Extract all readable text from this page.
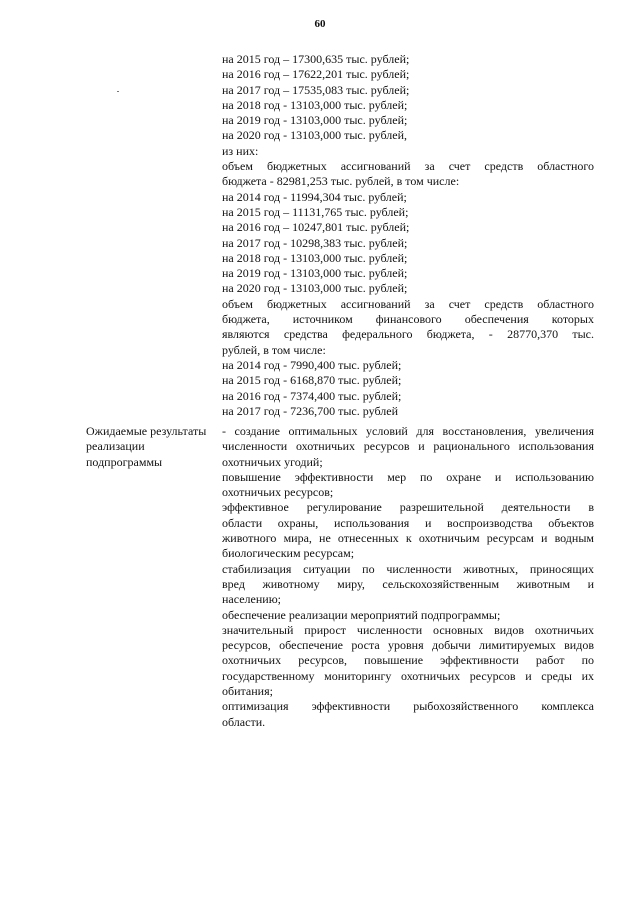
60
на 2015 год – 17300,635 тыс. рублей;
на 2016 год – 17622,201 тыс. рублей;
на 2017 год – 17535,083 тыс. рублей;
на 2018 год - 13103,000 тыс. рублей;
на 2019 год - 13103,000 тыс. рублей;
на 2020 год - 13103,000 тыс. рублей,
из них:
объем бюджетных ассигнований за счет средств областного
бюджета - 82981,253 тыс. рублей, в том числе:
на 2014 год - 11994,304 тыс. рублей;
на 2015 год – 11131,765 тыс. рублей;
на 2016 год – 10247,801 тыс. рублей;
на 2017 год - 10298,383 тыс. рублей;
на 2018 год - 13103,000 тыс. рублей;
на 2019 год - 13103,000 тыс. рублей;
на 2020 год - 13103,000 тыс. рублей;
объем бюджетных ассигнований за счет средств областного
бюджета, источником финансового обеспечения которых
являются средства федерального бюджета, - 28770,370 тыс.
рублей, в том числе:
на 2014 год - 7990,400 тыс. рублей;
на 2015 год - 6168,870 тыс. рублей;
на 2016 год - 7374,400 тыс. рублей;
на 2017 год - 7236,700 тыс. рублей
Ожидаемые результаты
реализации
подпрограммы
- создание оптимальных условий для восстановления, увеличения
численности охотничьих ресурсов и рационального использования
охотничьих угодий;
повышение эффективности мер по охране и использованию
охотничьих ресурсов;
эффективное регулирование разрешительной деятельности в
области охраны, использования и воспроизводства объектов
животного мира, не отнесенных к охотничьим ресурсам и водным
биологическим ресурсам;
стабилизация ситуации по численности животных, приносящих
вред животному миру, сельскохозяйственным животным и
населению;
обеспечение реализации мероприятий подпрограммы;
значительный прирост численности основных видов охотничьих
ресурсов, обеспечение роста уровня добычи лимитируемых видов
охотничьих ресурсов, повышение эффективности работ по
государственному мониторингу охотничьих ресурсов и среды их
обитания;
оптимизация эффективности рыбохозяйственного комплекса
области.
